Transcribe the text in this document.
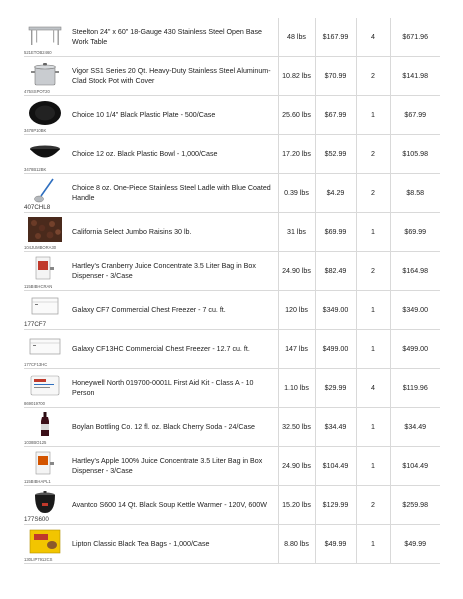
521ETOB2460	Steelton 24" x 60" 18-Gauge 430 Stainless Steel Open Base Work Table	48 lbs	$167.99	4	$671.96

475SSPOT20	Vigor SS1 Series 20 Qt. Heavy-Duty Stainless Steel Aluminum-Clad Stock Pot with Cover	10.82 lbs	$70.99	2	$141.98

3478P10BK	Choice 10 1/4" Black Plastic Plate - 500/Case	25.60 lbs	$67.99	1	$67.99

3478B12BK	Choice 12 oz. Black Plastic Bowl - 1,000/Case	17.20 lbs	$52.99	2	$105.98

407CHL8	Choice 8 oz. One-Piece Stainless Steel Ladle with Blue Coated Handle	0.39 lbs	$4.29	2	$8.58

104JUMBORA30	California Select Jumbo Raisins 30 lb.	31 lbs	$69.99	1	$69.99

115BIBHCRAN	Hartley's Cranberry Juice Concentrate 3.5 Liter Bag in Box Dispenser - 3/Case	24.90 lbs	$82.49	2	$164.98

177CF7	Galaxy CF7 Commercial Chest Freezer - 7 cu. ft.	120 lbs	$349.00	1	$349.00

177CF13HC	Galaxy CF13HC Commercial Chest Freezer - 12.7 cu. ft.	147 lbs	$499.00	1	$499.00

869019700	Honeywell North 019700-0001L First Aid Kit - Class A - 10 Person	1.10 lbs	$29.99	4	$119.96

1038BO125	Boylan Bottling Co. 12 fl. oz. Black Cherry Soda - 24/Case	32.50 lbs	$34.49	1	$34.49

115BIBHAPL1	Hartley's Apple 100% Juice Concentrate 3.5 Liter Bag in Box Dispenser - 3/Case	24.90 lbs	$104.49	1	$104.49

177S600	Avantco S600 14 Qt. Black Soup Kettle Warmer - 120V, 600W	15.20 lbs	$129.99	2	$259.98

130LIP7912CS	Lipton Classic Black Tea Bags - 1,000/Case	8.80 lbs	$49.99	1	$49.99
